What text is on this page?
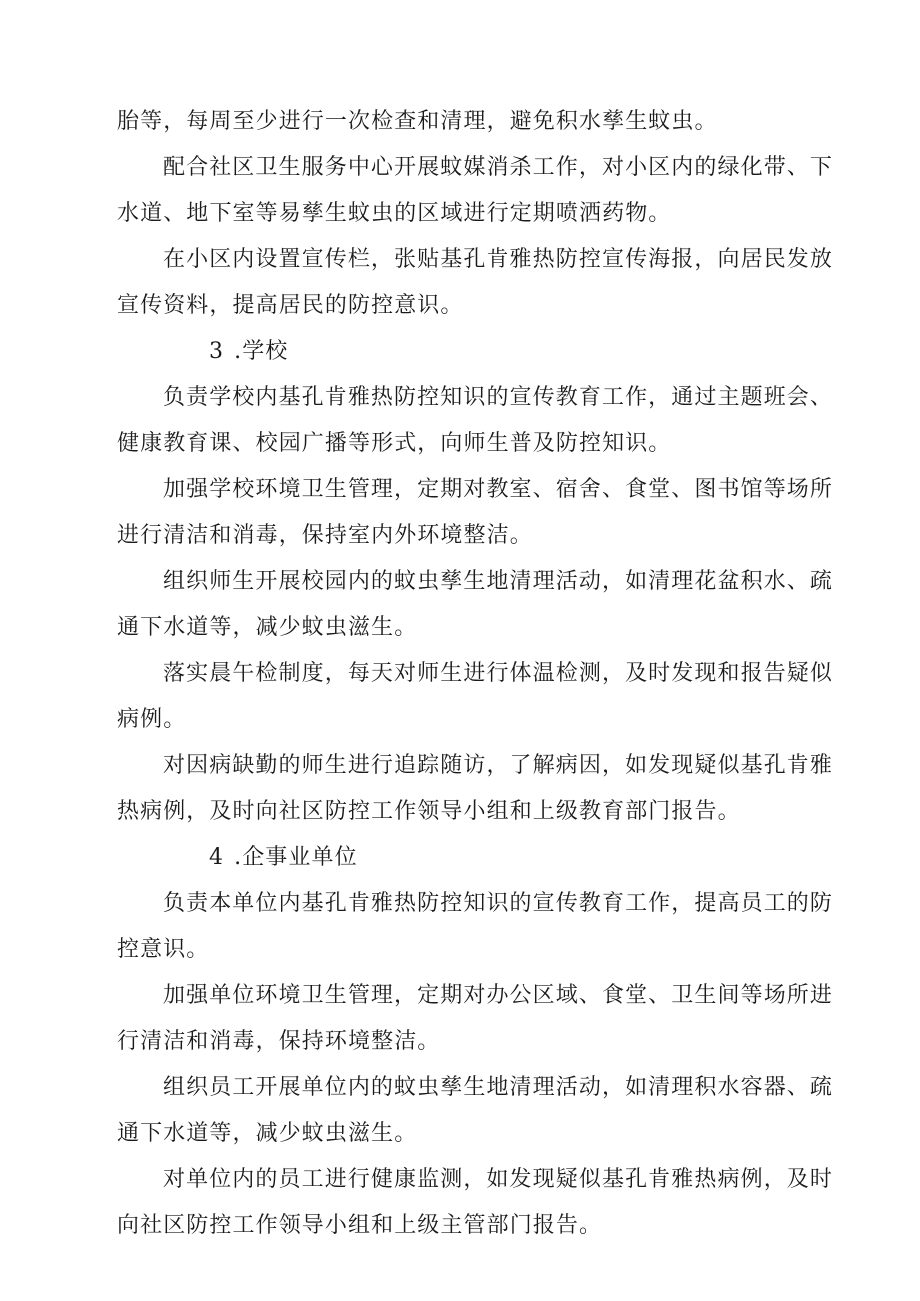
胎等，每周至少进行一次检查和清理，避免积水孳生蚊虫。

配合社区卫生服务中心开展蚊媒消杀工作，对小区内的绿化带、下水道、地下室等易孳生蚊虫的区域进行定期喷洒药物。

在小区内设置宣传栏，张贴基孔肯雅热防控宣传海报，向居民发放宣传资料，提高居民的防控意识。

3 .学校

负责学校内基孔肯雅热防控知识的宣传教育工作，通过主题班会、健康教育课、校园广播等形式，向师生普及防控知识。

加强学校环境卫生管理，定期对教室、宿舍、食堂、图书馆等场所进行清洁和消毒，保持室内外环境整洁。

组织师生开展校园内的蚊虫孳生地清理活动，如清理花盆积水、疏通下水道等，减少蚊虫滋生。

落实晨午检制度，每天对师生进行体温检测，及时发现和报告疑似病例。

对因病缺勤的师生进行追踪随访，了解病因，如发现疑似基孔肯雅热病例，及时向社区防控工作领导小组和上级教育部门报告。

4 .企事业单位

负责本单位内基孔肯雅热防控知识的宣传教育工作，提高员工的防控意识。

加强单位环境卫生管理，定期对办公区域、食堂、卫生间等场所进行清洁和消毒，保持环境整洁。

组织员工开展单位内的蚊虫孳生地清理活动，如清理积水容器、疏通下水道等，减少蚊虫滋生。

对单位内的员工进行健康监测，如发现疑似基孔肯雅热病例，及时向社区防控工作领导小组和上级主管部门报告。
